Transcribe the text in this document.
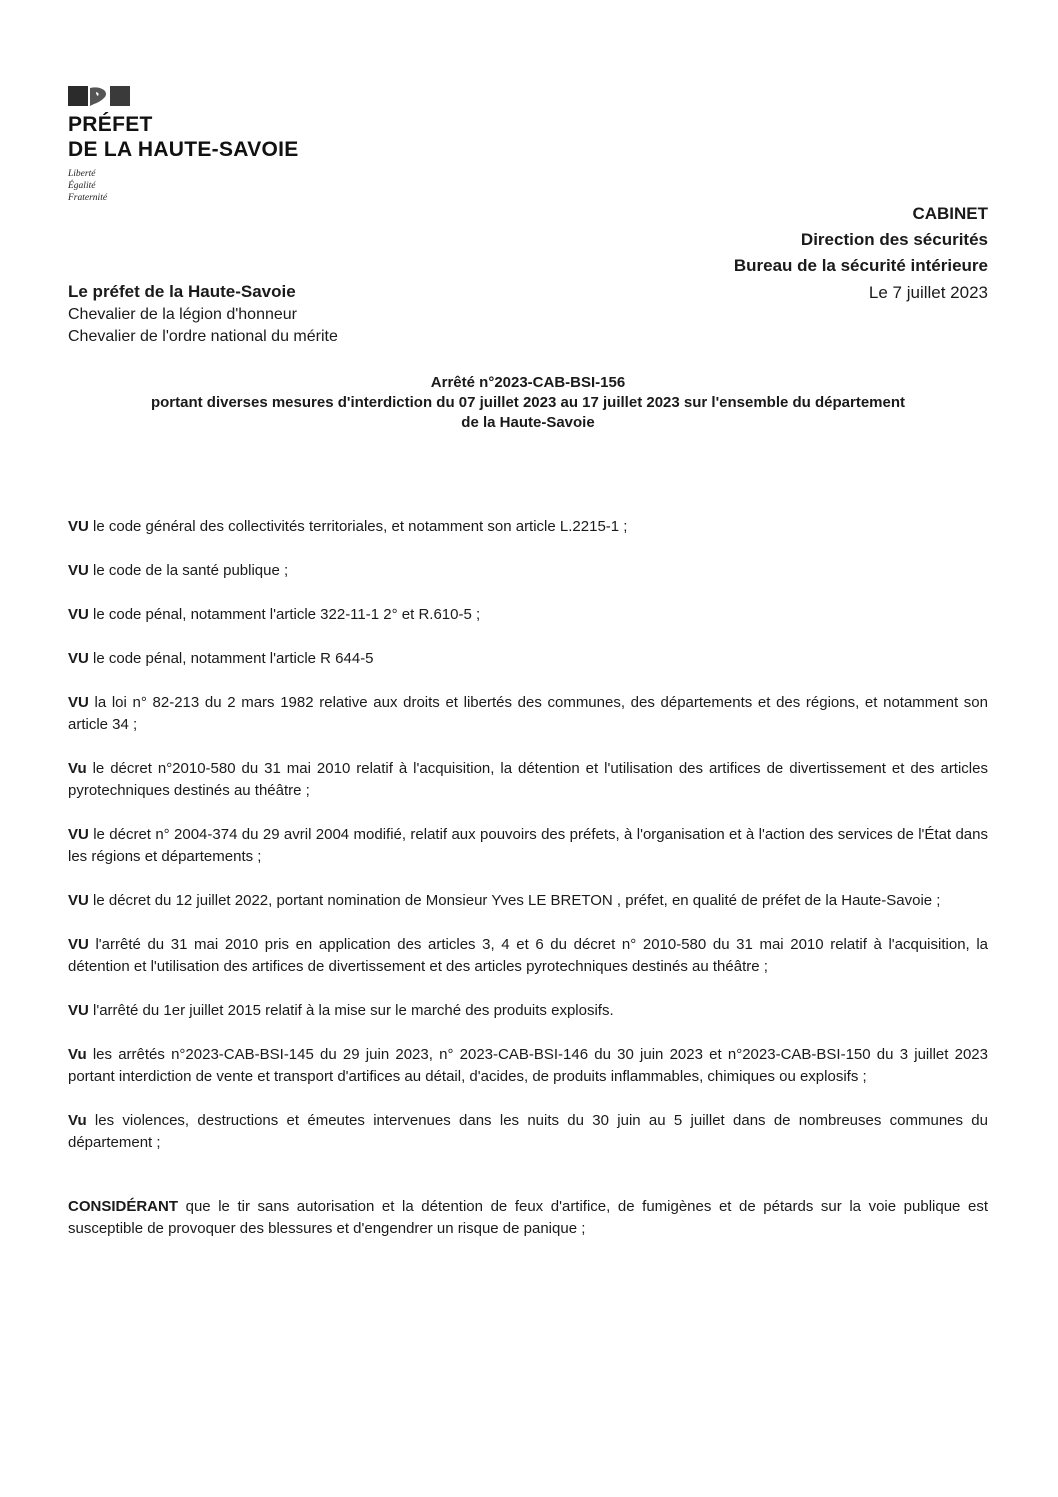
PRÉFET
DE LA HAUTE-SAVOIE
Liberté
Égalité
Fraternité
CABINET
Direction des sécurités
Bureau de la sécurité intérieure
Le 7 juillet 2023
Le préfet de la Haute-Savoie
Chevalier de la légion d'honneur
Chevalier de l'ordre national du mérite
Arrêté n°2023-CAB-BSI-156
portant diverses mesures d'interdiction du 07 juillet 2023 au 17 juillet 2023 sur l'ensemble du département
de la Haute-Savoie

VU le code général des collectivités territoriales, et notamment son article L.2215-1 ;

VU le code de la santé publique ;

VU le code pénal, notamment l'article 322-11-1 2° et R.610-5 ;

VU le code pénal, notamment l'article R 644-5

VU la loi n° 82-213 du 2 mars 1982 relative aux droits et libertés des communes, des départements et des régions, et notamment son article 34 ;

Vu le décret n°2010-580 du 31 mai 2010 relatif à l'acquisition, la détention et l'utilisation des artifices de divertissement et des articles pyrotechniques destinés au théâtre ;

VU le décret n° 2004-374 du 29 avril 2004 modifié, relatif aux pouvoirs des préfets, à l'organisation et à l'action des services de l'État dans les régions et départements ;

VU le décret du 12 juillet 2022, portant nomination de Monsieur Yves LE BRETON , préfet, en qualité de préfet de la Haute-Savoie ;

VU l'arrêté du 31 mai 2010 pris en application des articles 3, 4 et 6 du décret n° 2010-580 du 31 mai 2010 relatif à l'acquisition, la détention et l'utilisation des artifices de divertissement et des articles pyrotechniques destinés au théâtre ;

VU l'arrêté du 1er juillet 2015 relatif à la mise sur le marché des produits explosifs.

Vu les arrêtés n°2023-CAB-BSI-145 du 29 juin 2023, n° 2023-CAB-BSI-146 du 30 juin 2023 et n°2023-CAB-BSI-150 du 3 juillet 2023 portant interdiction de vente et transport d'artifices au détail, d'acides, de produits inflammables, chimiques ou explosifs ;

Vu les violences, destructions et émeutes intervenues dans les nuits du 30 juin au 5 juillet dans de nombreuses communes du département ;

CONSIDÉRANT que le tir sans autorisation et la détention de feux d'artifice, de fumigènes et de pétards sur la voie publique est susceptible de provoquer des blessures et d'engendrer un risque de panique ;
